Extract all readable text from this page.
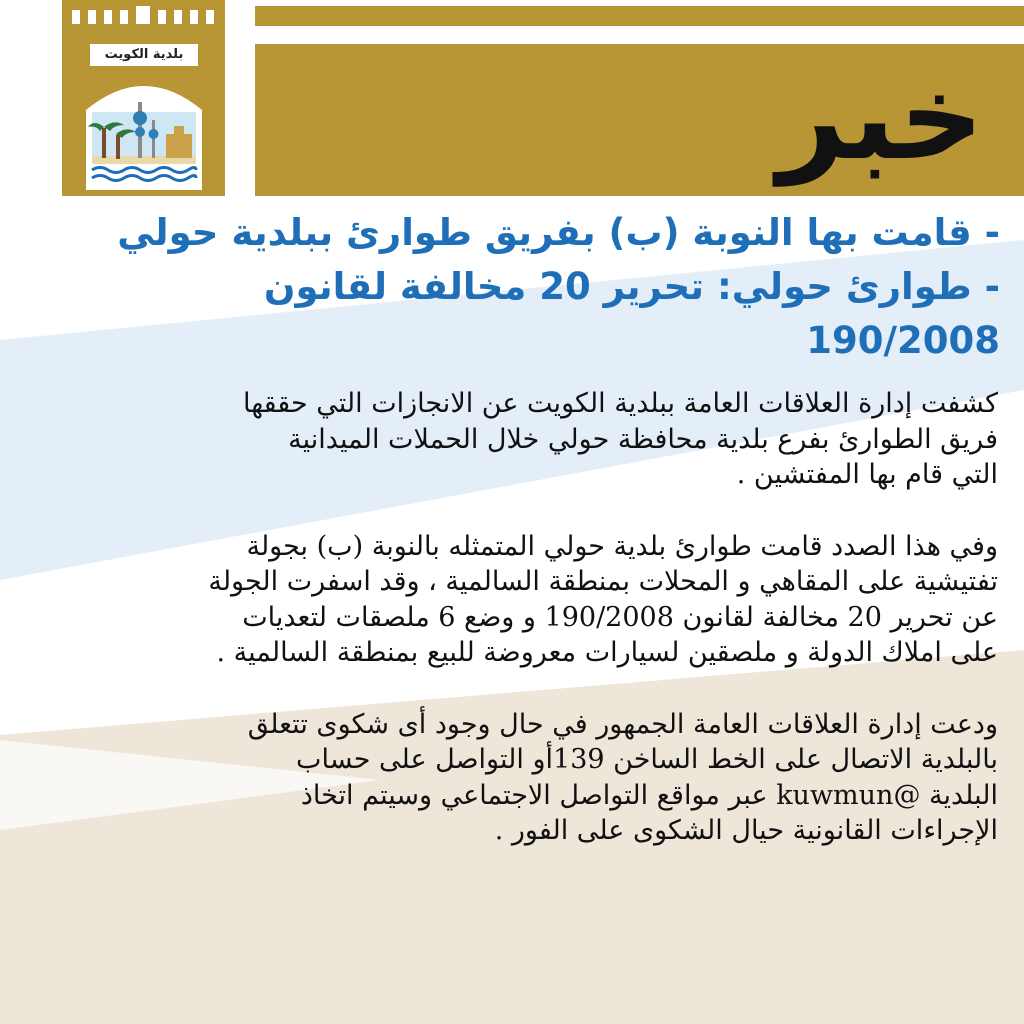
خبر
بلدية الكويت
- قامت بها النوبة (ب) بفريق طوارئ ببلدية حولي
- طوارئ حولي: تحرير 20 مخالفة لقانون
190/2008

كشفت إدارة العلاقات العامة ببلدية الكويت عن الانجازات التي حققها
فريق الطوارئ بفرع بلدية محافظة حولي خلال الحملات الميدانية
التي قام بها المفتشين .

وفي هذا الصدد قامت طوارئ بلدية حولي المتمثله بالنوبة (ب) بجولة
تفتيشية على المقاهي و المحلات بمنطقة السالمية ، وقد اسفرت الجولة
عن تحرير 20 مخالفة لقانون 190/2008 و وضع 6 ملصقات لتعديات
على املاك الدولة و ملصقين لسيارات معروضة للبيع بمنطقة السالمية .

ودعت إدارة العلاقات العامة الجمهور في حال وجود أى شكوى تتعلق
بالبلدية الاتصال على الخط الساخن 139أو التواصل على حساب
البلدية @kuwmun عبر مواقع التواصل الاجتماعي وسيتم اتخاذ
الإجراءات القانونية حيال الشكوى على الفور .
